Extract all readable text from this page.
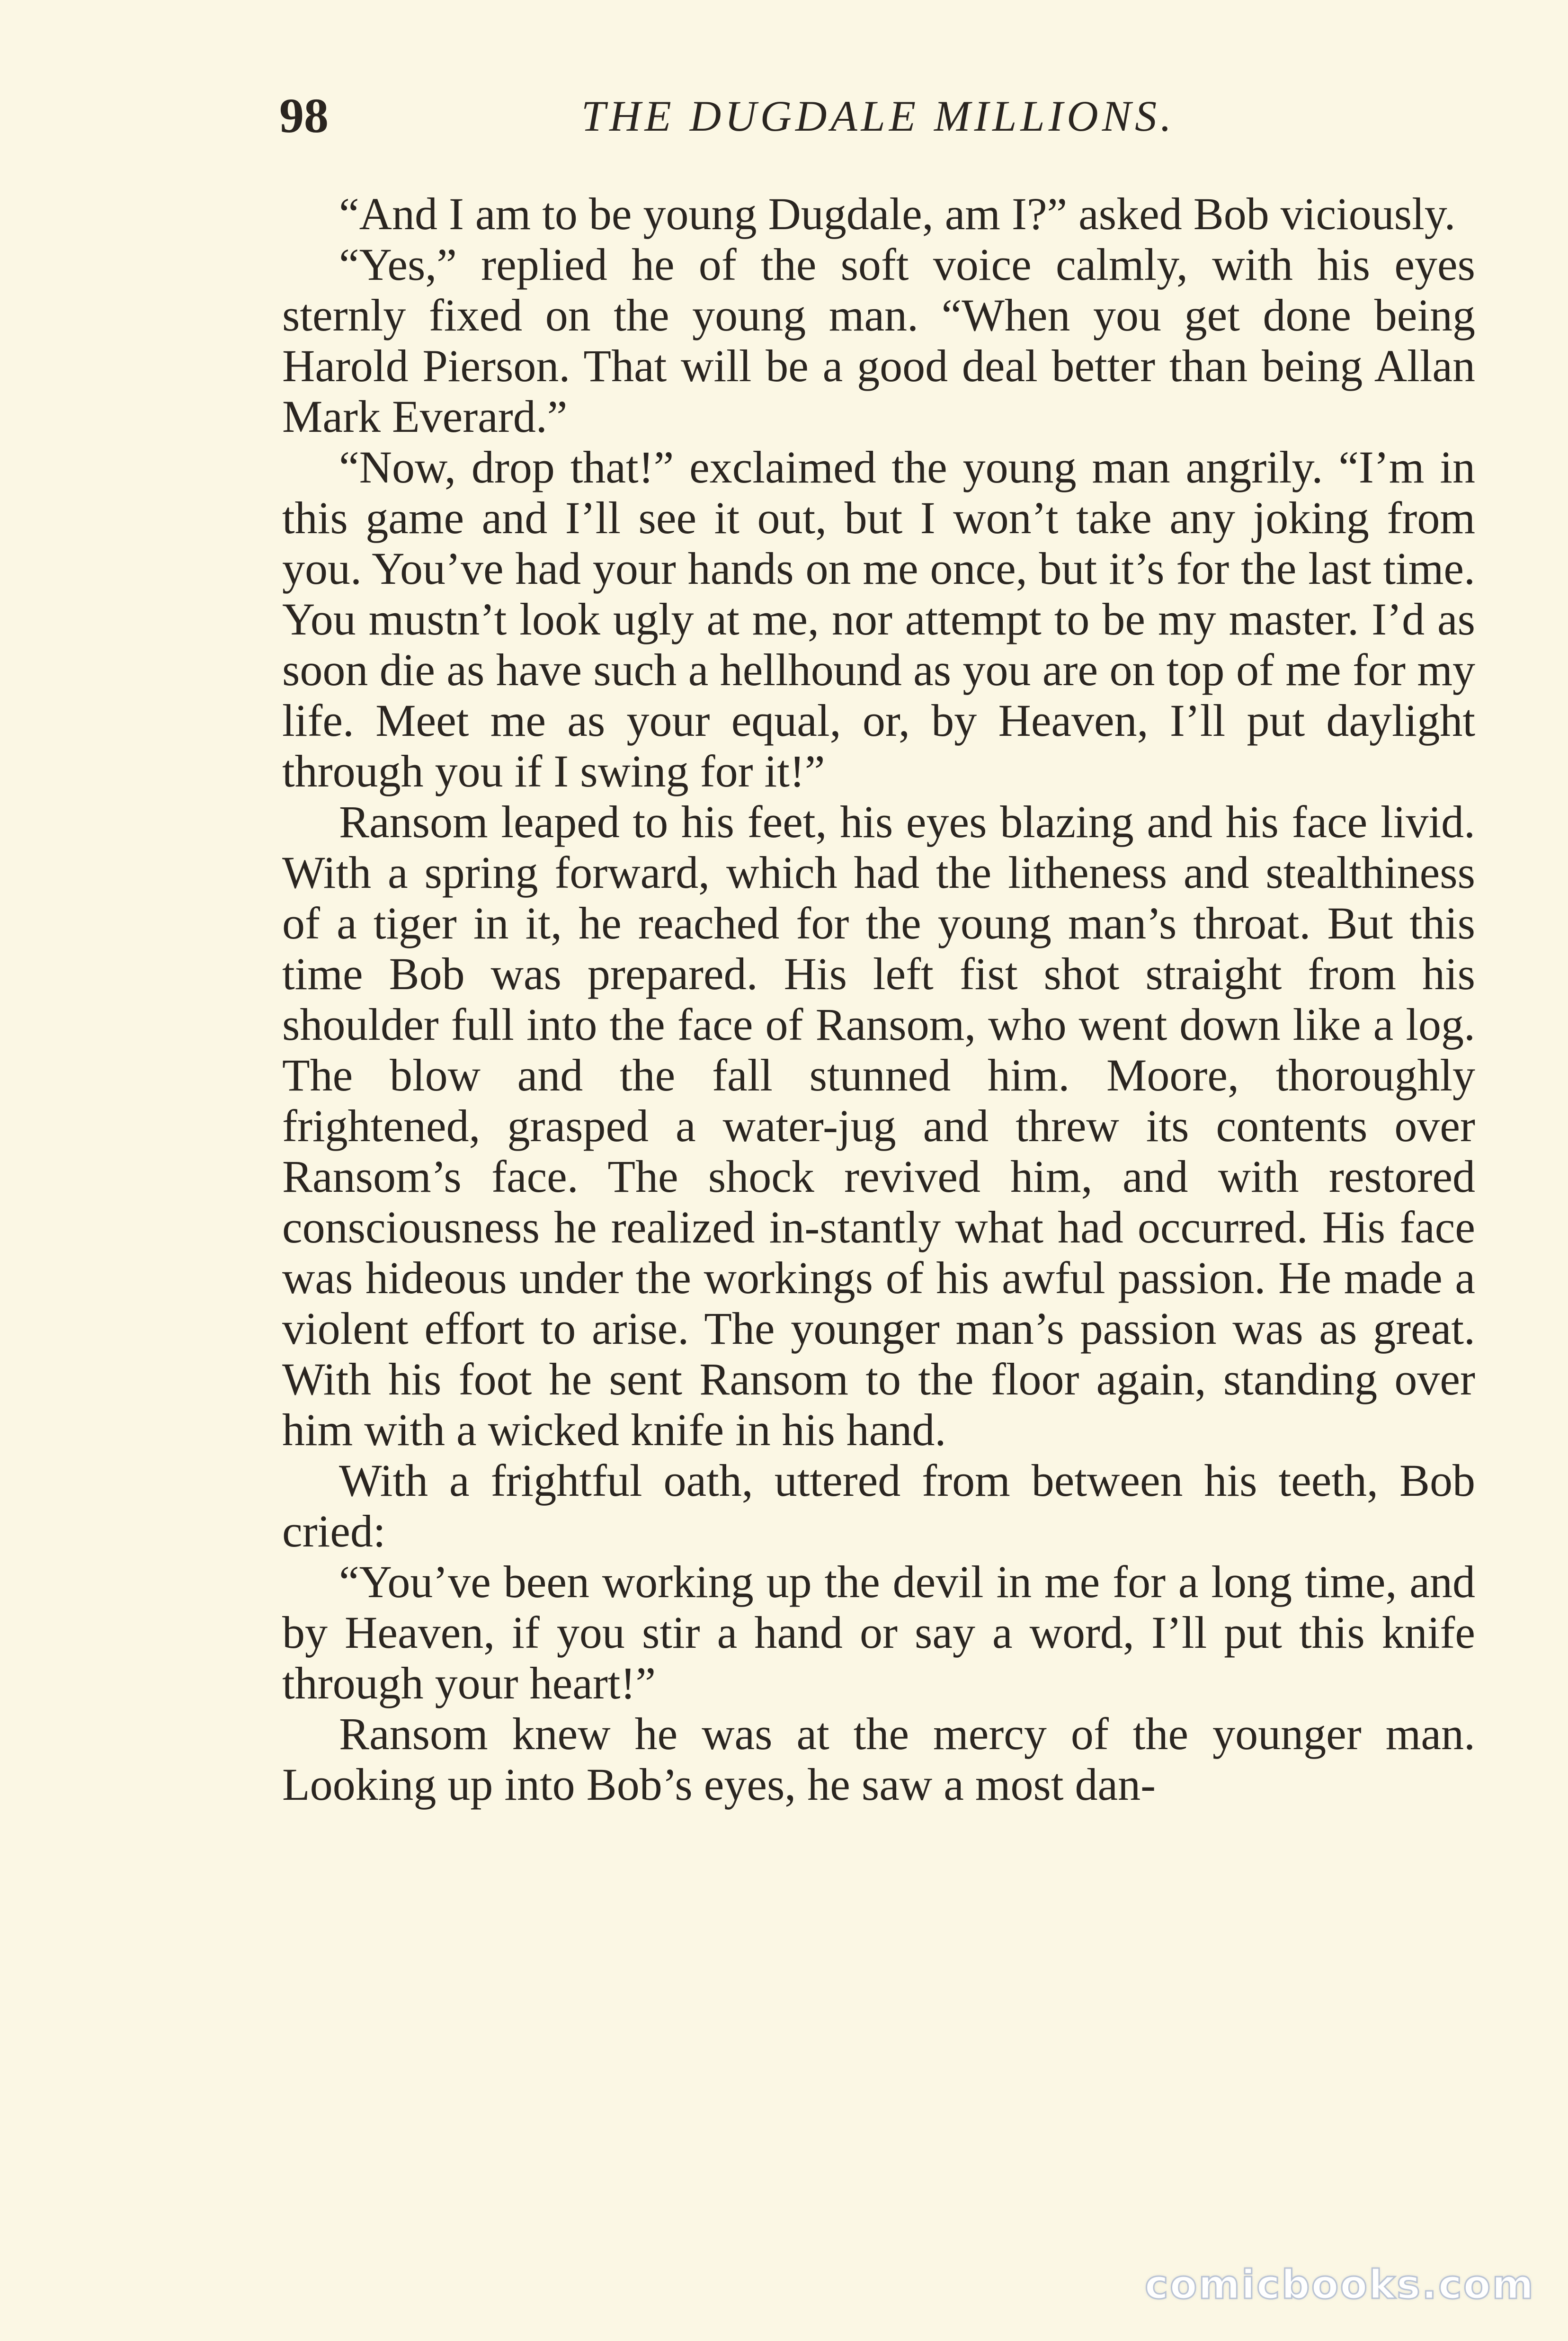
98	THE DUGDALE MILLIONS.

“And I am to be young Dugdale, am I?” asked Bob viciously.

“Yes,” replied he of the soft voice calmly, with his eyes sternly fixed on the young man. “When you get done being Harold Pierson. That will be a good deal better than being Allan Mark Everard.”

“Now, drop that!” exclaimed the young man angrily. “I’m in this game and I’ll see it out, but I won’t take any joking from you. You’ve had your hands on me once, but it’s for the last time. You mustn’t look ugly at me, nor attempt to be my master. I’d as soon die as have such a hellhound as you are on top of me for my life. Meet me as your equal, or, by Heaven, I’ll put daylight through you if I swing for it!”

Ransom leaped to his feet, his eyes blazing and his face livid. With a spring forward, which had the litheness and stealthiness of a tiger in it, he reached for the young man’s throat. But this time Bob was prepared. His left fist shot straight from his shoulder full into the face of Ransom, who went down like a log. The blow and the fall stunned him. Moore, thoroughly frightened, grasped a water-jug and threw its contents over Ransom’s face. The shock revived him, and with restored consciousness he realized in-stantly what had occurred. His face was hideous under the workings of his awful passion. He made a violent effort to arise. The younger man’s passion was as great. With his foot he sent Ransom to the floor again, standing over him with a wicked knife in his hand.

With a frightful oath, uttered from between his teeth, Bob cried:

“You’ve been working up the devil in me for a long time, and by Heaven, if you stir a hand or say a word, I’ll put this knife through your heart!”

Ransom knew he was at the mercy of the younger man. Looking up into Bob’s eyes, he saw a most dan-

comicbooks.com
